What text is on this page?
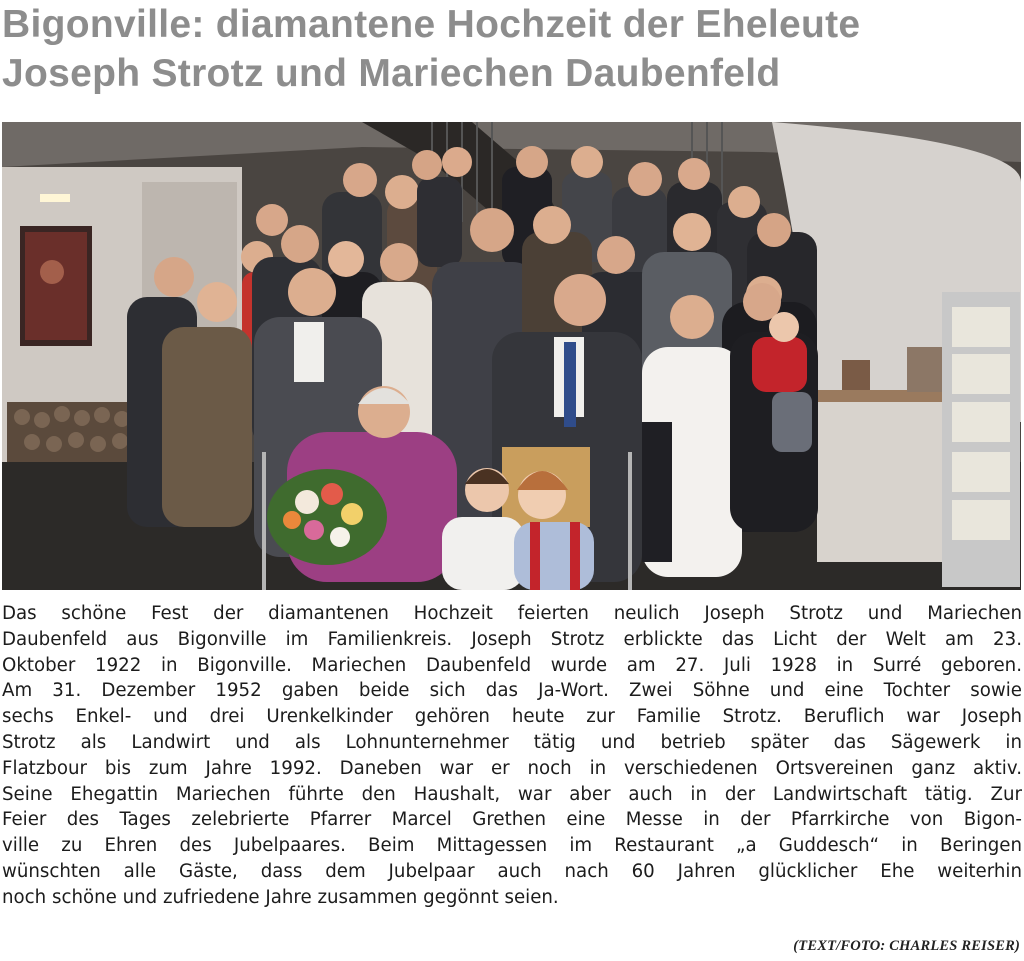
Bigonville: diamantene Hochzeit der Eheleute
Joseph Strotz und Mariechen Daubenfeld

Das schöne Fest der diamantenen Hochzeit feierten neulich Joseph Strotz und Mariechen
Daubenfeld aus Bigonville im Familienkreis. Joseph Strotz erblickte das Licht der Welt am 23.
Oktober 1922 in Bigonville. Mariechen Daubenfeld wurde am 27. Juli 1928 in Surré geboren.
Am 31. Dezember 1952 gaben beide sich das Ja-Wort. Zwei Söhne und eine Tochter sowie
sechs Enkel- und drei Urenkelkinder gehören heute zur Familie Strotz. Beruflich war Joseph
Strotz als Landwirt und als Lohnunternehmer tätig und betrieb später das Sägewerk in
Flatzbour bis zum Jahre 1992. Daneben war er noch in verschiedenen Ortsvereinen ganz aktiv.
Seine Ehegattin Mariechen führte den Haushalt, war aber auch in der Landwirtschaft tätig. Zur
Feier des Tages zelebrierte Pfarrer Marcel Grethen eine Messe in der Pfarrkirche von Bigon-
ville zu Ehren des Jubelpaares. Beim Mittagessen im Restaurant „a Guddesch“ in Beringen
wünschten alle Gäste, dass dem Jubelpaar auch nach 60 Jahren glücklicher Ehe weiterhin
noch schöne und zufriedene Jahre zusammen gegönnt seien.

(TEXT/FOTO: CHARLES REISER)
